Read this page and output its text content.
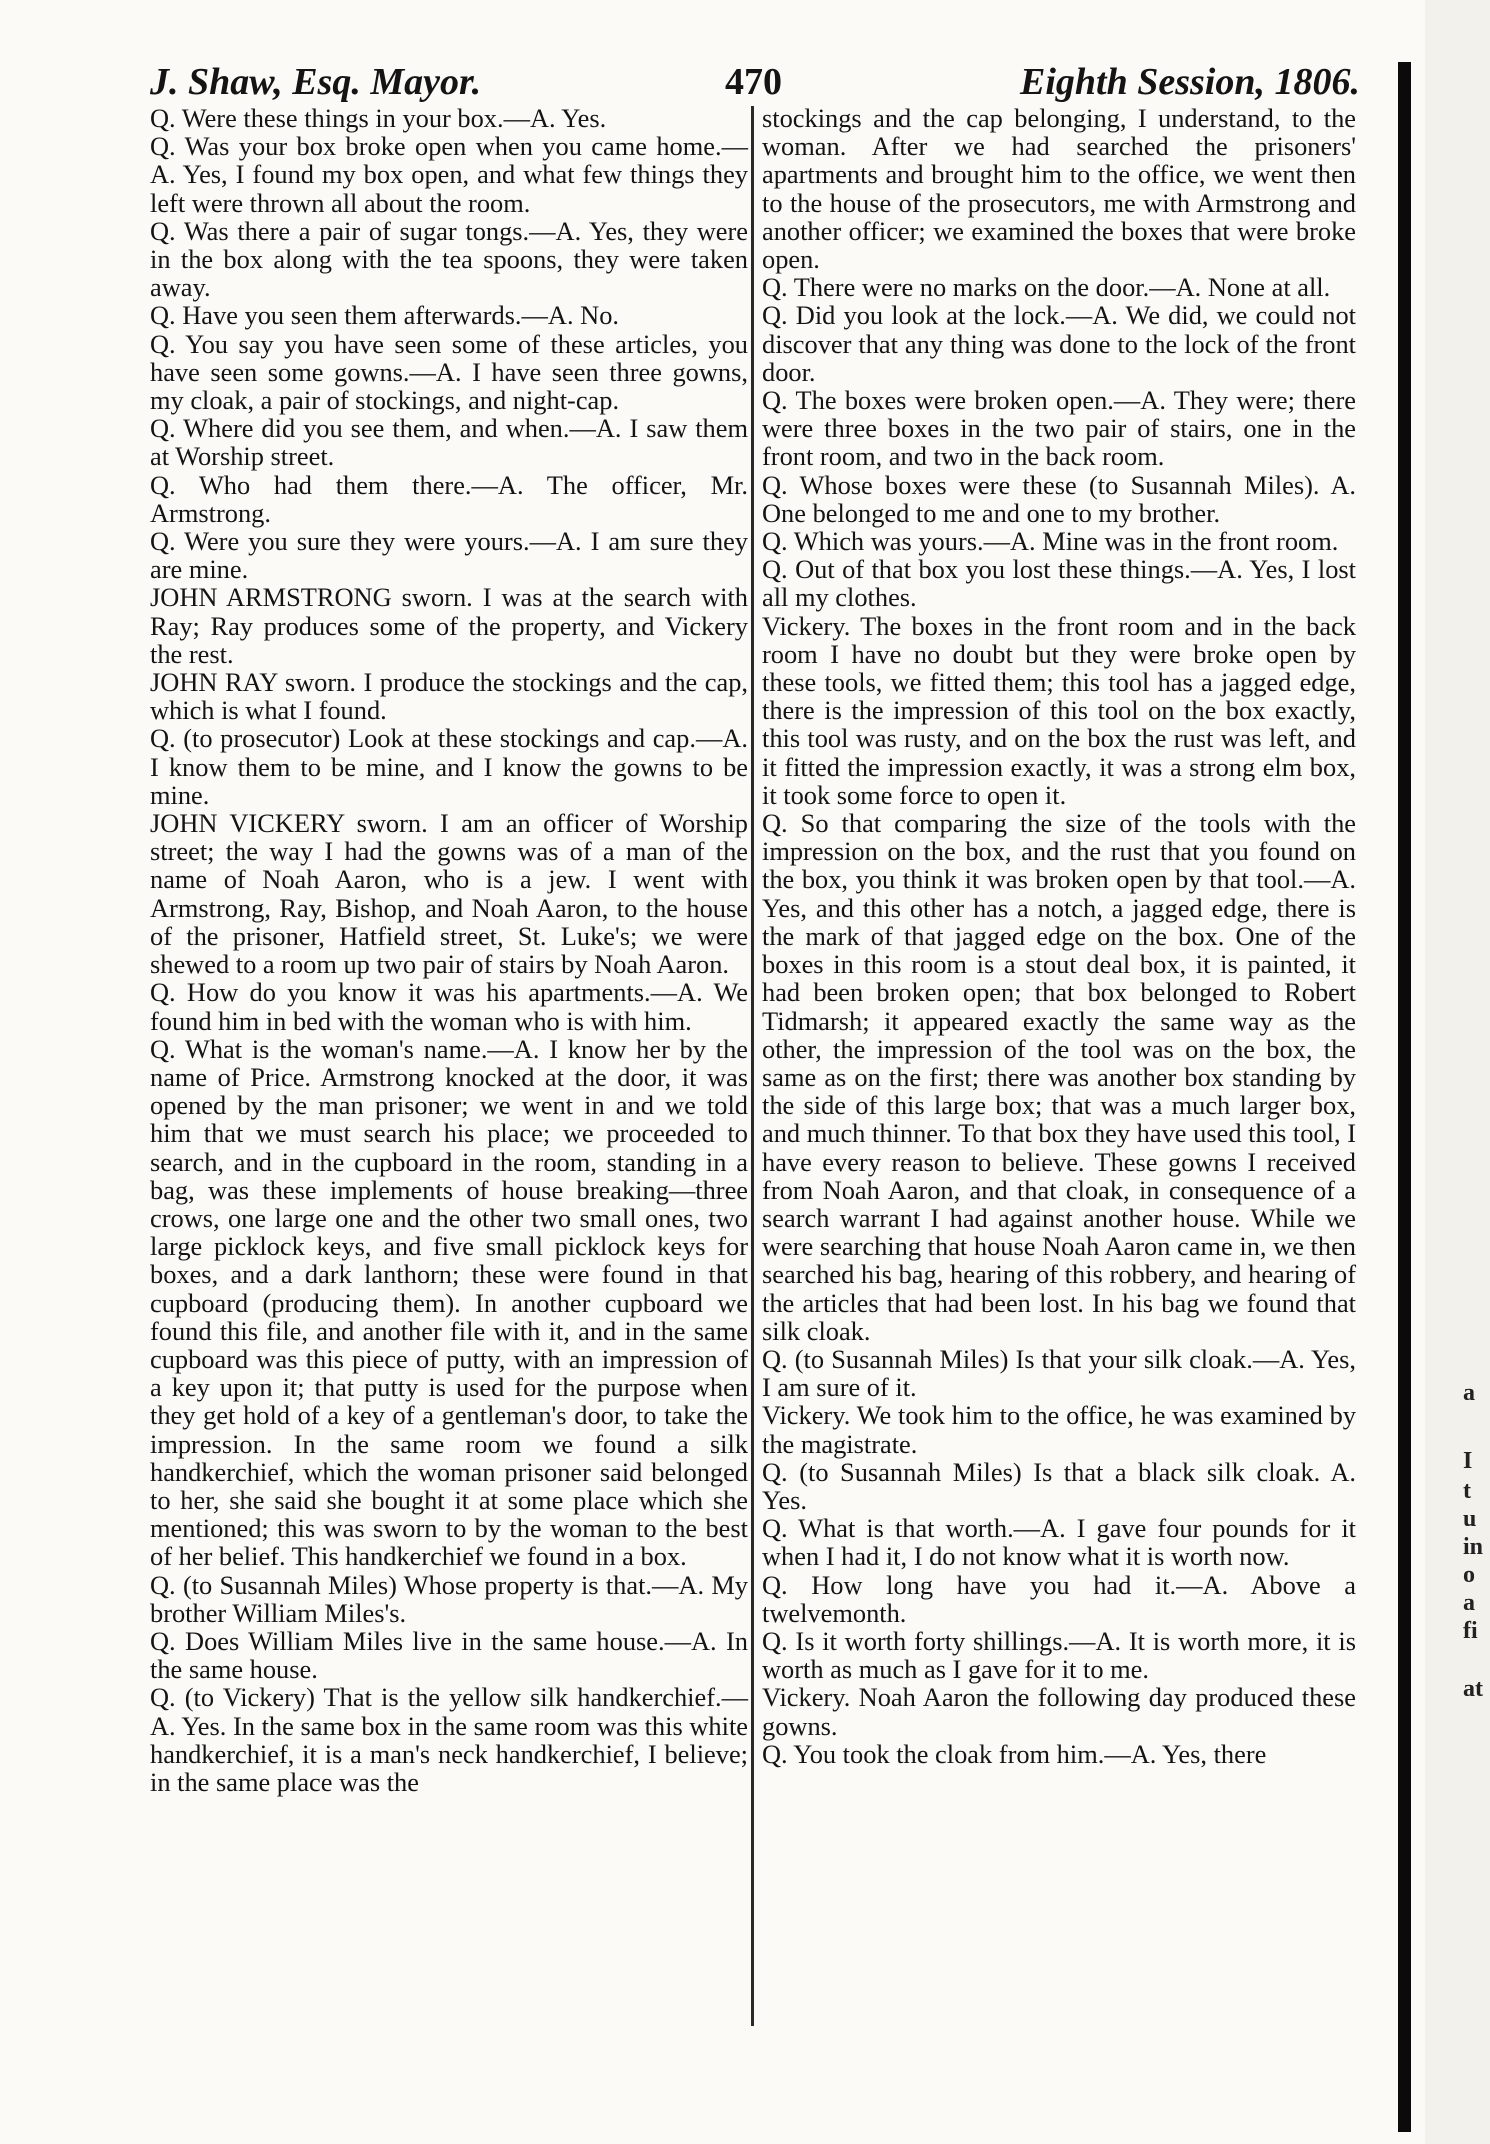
J. Shaw, Esq. Mayor.	470	Eighth Session, 1806.

Q. Were these things in your box.—A. Yes.

Q. Was your box broke open when you came home.—A. Yes, I found my box open, and what few things they left were thrown all about the room.

Q. Was there a pair of sugar tongs.—A. Yes, they were in the box along with the tea spoons, they were taken away.

Q. Have you seen them afterwards.—A. No.

Q. You say you have seen some of these articles, you have seen some gowns.—A. I have seen three gowns, my cloak, a pair of stockings, and night-cap.

Q. Where did you see them, and when.—A. I saw them at Worship street.

Q. Who had them there.—A. The officer, Mr. Armstrong.

Q. Were you sure they were yours.—A. I am sure they are mine.

JOHN ARMSTRONG sworn. I was at the search with Ray; Ray produces some of the property, and Vickery the rest.

JOHN RAY sworn. I produce the stockings and the cap, which is what I found.

Q. (to prosecutor) Look at these stockings and cap.—A. I know them to be mine, and I know the gowns to be mine.

JOHN VICKERY sworn. I am an officer of Worship street; the way I had the gowns was of a man of the name of Noah Aaron, who is a jew. I went with Armstrong, Ray, Bishop, and Noah Aaron, to the house of the prisoner, Hatfield street, St. Luke's; we were shewed to a room up two pair of stairs by Noah Aaron.

Q. How do you know it was his apartments.—A. We found him in bed with the woman who is with him.

Q. What is the woman's name.—A. I know her by the name of Price. Armstrong knocked at the door, it was opened by the man prisoner; we went in and we told him that we must search his place; we proceeded to search, and in the cupboard in the room, standing in a bag, was these implements of house breaking—three crows, one large one and the other two small ones, two large picklock keys, and five small picklock keys for boxes, and a dark lanthorn; these were found in that cupboard (producing them). In another cupboard we found this file, and another file with it, and in the same cupboard was this piece of putty, with an impression of a key upon it; that putty is used for the purpose when they get hold of a key of a gentleman's door, to take the impression. In the same room we found a silk handkerchief, which the woman prisoner said belonged to her, she said she bought it at some place which she mentioned; this was sworn to by the woman to the best of her belief. This handkerchief we found in a box.

Q. (to Susannah Miles) Whose property is that.—A. My brother William Miles's.

Q. Does William Miles live in the same house.—A. In the same house.

Q. (to Vickery) That is the yellow silk handkerchief.—A. Yes. In the same box in the same room was this white handkerchief, it is a man's neck handkerchief, I believe; in the same place was the

stockings and the cap belonging, I understand, to the woman. After we had searched the prisoners' apartments and brought him to the office, we went then to the house of the prosecutors, me with Armstrong and another officer; we examined the boxes that were broke open.

Q. There were no marks on the door.—A. None at all.

Q. Did you look at the lock.—A. We did, we could not discover that any thing was done to the lock of the front door.

Q. The boxes were broken open.—A. They were; there were three boxes in the two pair of stairs, one in the front room, and two in the back room.

Q. Whose boxes were these (to Susannah Miles). A. One belonged to me and one to my brother.

Q. Which was yours.—A. Mine was in the front room.

Q. Out of that box you lost these things.—A. Yes, I lost all my clothes.

Vickery. The boxes in the front room and in the back room I have no doubt but they were broke open by these tools, we fitted them; this tool has a jagged edge, there is the impression of this tool on the box exactly, this tool was rusty, and on the box the rust was left, and it fitted the impression exactly, it was a strong elm box, it took some force to open it.

Q. So that comparing the size of the tools with the impression on the box, and the rust that you found on the box, you think it was broken open by that tool.—A. Yes, and this other has a notch, a jagged edge, there is the mark of that jagged edge on the box. One of the boxes in this room is a stout deal box, it is painted, it had been broken open; that box belonged to Robert Tidmarsh; it appeared exactly the same way as the other, the impression of the tool was on the box, the same as on the first; there was another box standing by the side of this large box; that was a much larger box, and much thinner. To that box they have used this tool, I have every reason to believe. These gowns I received from Noah Aaron, and that cloak, in consequence of a search warrant I had against another house. While we were searching that house Noah Aaron came in, we then searched his bag, hearing of this robbery, and hearing of the articles that had been lost. In his bag we found that silk cloak.

Q. (to Susannah Miles) Is that your silk cloak.—A. Yes, I am sure of it.

Vickery. We took him to the office, he was examined by the magistrate.

Q. (to Susannah Miles) Is that a black silk cloak. A. Yes.

Q. What is that worth.—A. I gave four pounds for it when I had it, I do not know what it is worth now.

Q. How long have you had it.—A. Above a twelvemonth.

Q. Is it worth forty shillings.—A. It is worth more, it is worth as much as I gave for it to me.

Vickery. Noah Aaron the following day produced these gowns.

Q. You took the cloak from him.—A. Yes, there

a
I
t
u
in
o
a
fi
at
